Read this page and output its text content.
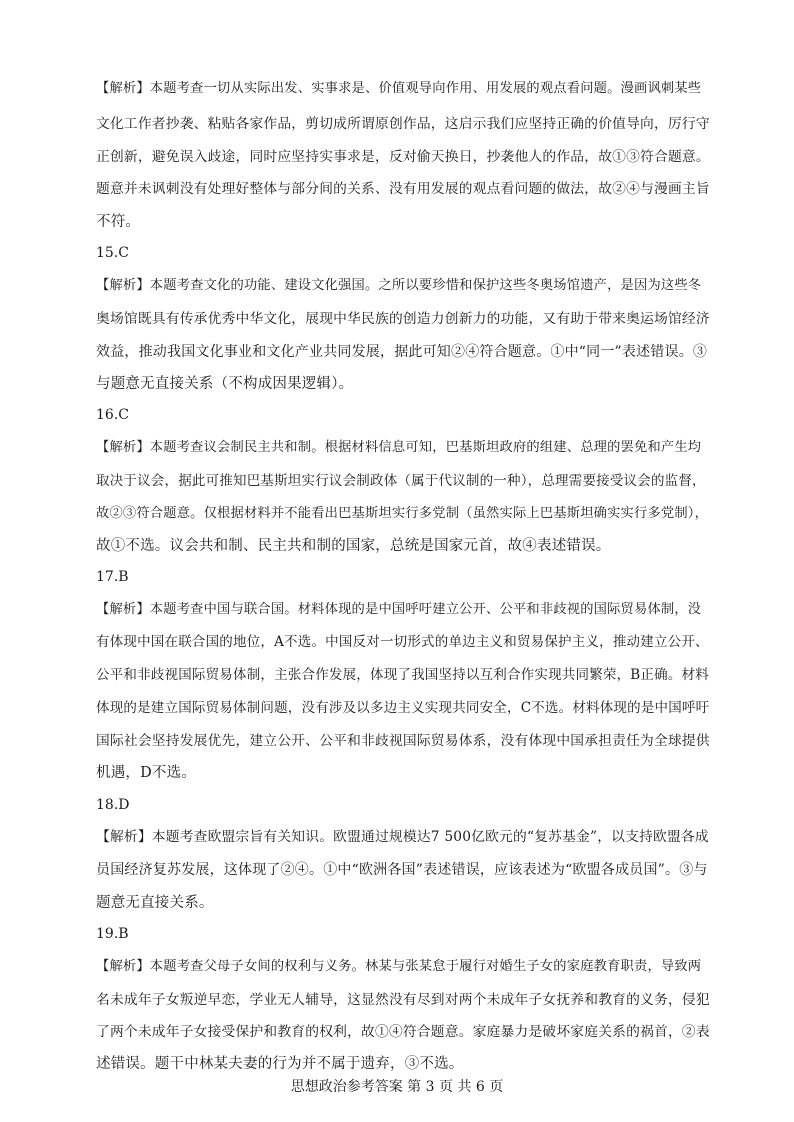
【解析】本题考查一切从实际出发、实事求是、价值观导向作用、用发展的观点看问题。漫画讽刺某些
文化工作者抄袭、粘贴各家作品，剪切成所谓原创作品，这启示我们应坚持正确的价值导向，厉行守
正创新，避免误入歧途，同时应坚持实事求是，反对偷天换日，抄袭他人的作品，故①③符合题意。
题意并未讽刺没有处理好整体与部分间的关系、没有用发展的观点看问题的做法，故②④与漫画主旨
不符。
15.C
【解析】本题考查文化的功能、建设文化强国。之所以要珍惜和保护这些冬奥场馆遗产，是因为这些冬
奥场馆既具有传承优秀中华文化，展现中华民族的创造力创新力的功能，又有助于带来奥运场馆经济
效益，推动我国文化事业和文化产业共同发展，据此可知②④符合题意。①中“同一”表述错误。③
与题意无直接关系（不构成因果逻辑）。
16.C
【解析】本题考查议会制民主共和制。根据材料信息可知，巴基斯坦政府的组建、总理的罢免和产生均
取决于议会，据此可推知巴基斯坦实行议会制政体（属于代议制的一种），总理需要接受议会的监督，
故②③符合题意。仅根据材料并不能看出巴基斯坦实行多党制（虽然实际上巴基斯坦确实实行多党制），
故①不选。议会共和制、民主共和制的国家，总统是国家元首，故④表述错误。
17.B
【解析】本题考查中国与联合国。材料体现的是中国呼吁建立公开、公平和非歧视的国际贸易体制，没
有体现中国在联合国的地位，A不选。中国反对一切形式的单边主义和贸易保护主义，推动建立公开、
公平和非歧视国际贸易体制，主张合作发展，体现了我国坚持以互利合作实现共同繁荣，B正确。材料
体现的是建立国际贸易体制问题，没有涉及以多边主义实现共同安全，C不选。材料体现的是中国呼吁
国际社会坚持发展优先，建立公开、公平和非歧视国际贸易体系，没有体现中国承担责任为全球提供
机遇，D不选。
18.D
【解析】本题考查欧盟宗旨有关知识。欧盟通过规模达7 500亿欧元的“复苏基金”，以支持欧盟各成
员国经济复苏发展，这体现了②④。①中“欧洲各国”表述错误，应该表述为“欧盟各成员国”。③与
题意无直接关系。
19.B
【解析】本题考查父母子女间的权利与义务。林某与张某怠于履行对婚生子女的家庭教育职责，导致两
名未成年子女叛逆早恋，学业无人辅导，这显然没有尽到对两个未成年子女抚养和教育的义务，侵犯
了两个未成年子女接受保护和教育的权利，故①④符合题意。家庭暴力是破坏家庭关系的祸首，②表
述错误。题干中林某夫妻的行为并不属于遗弃，③不选。
思想政治参考答案 第 3 页 共 6 页
